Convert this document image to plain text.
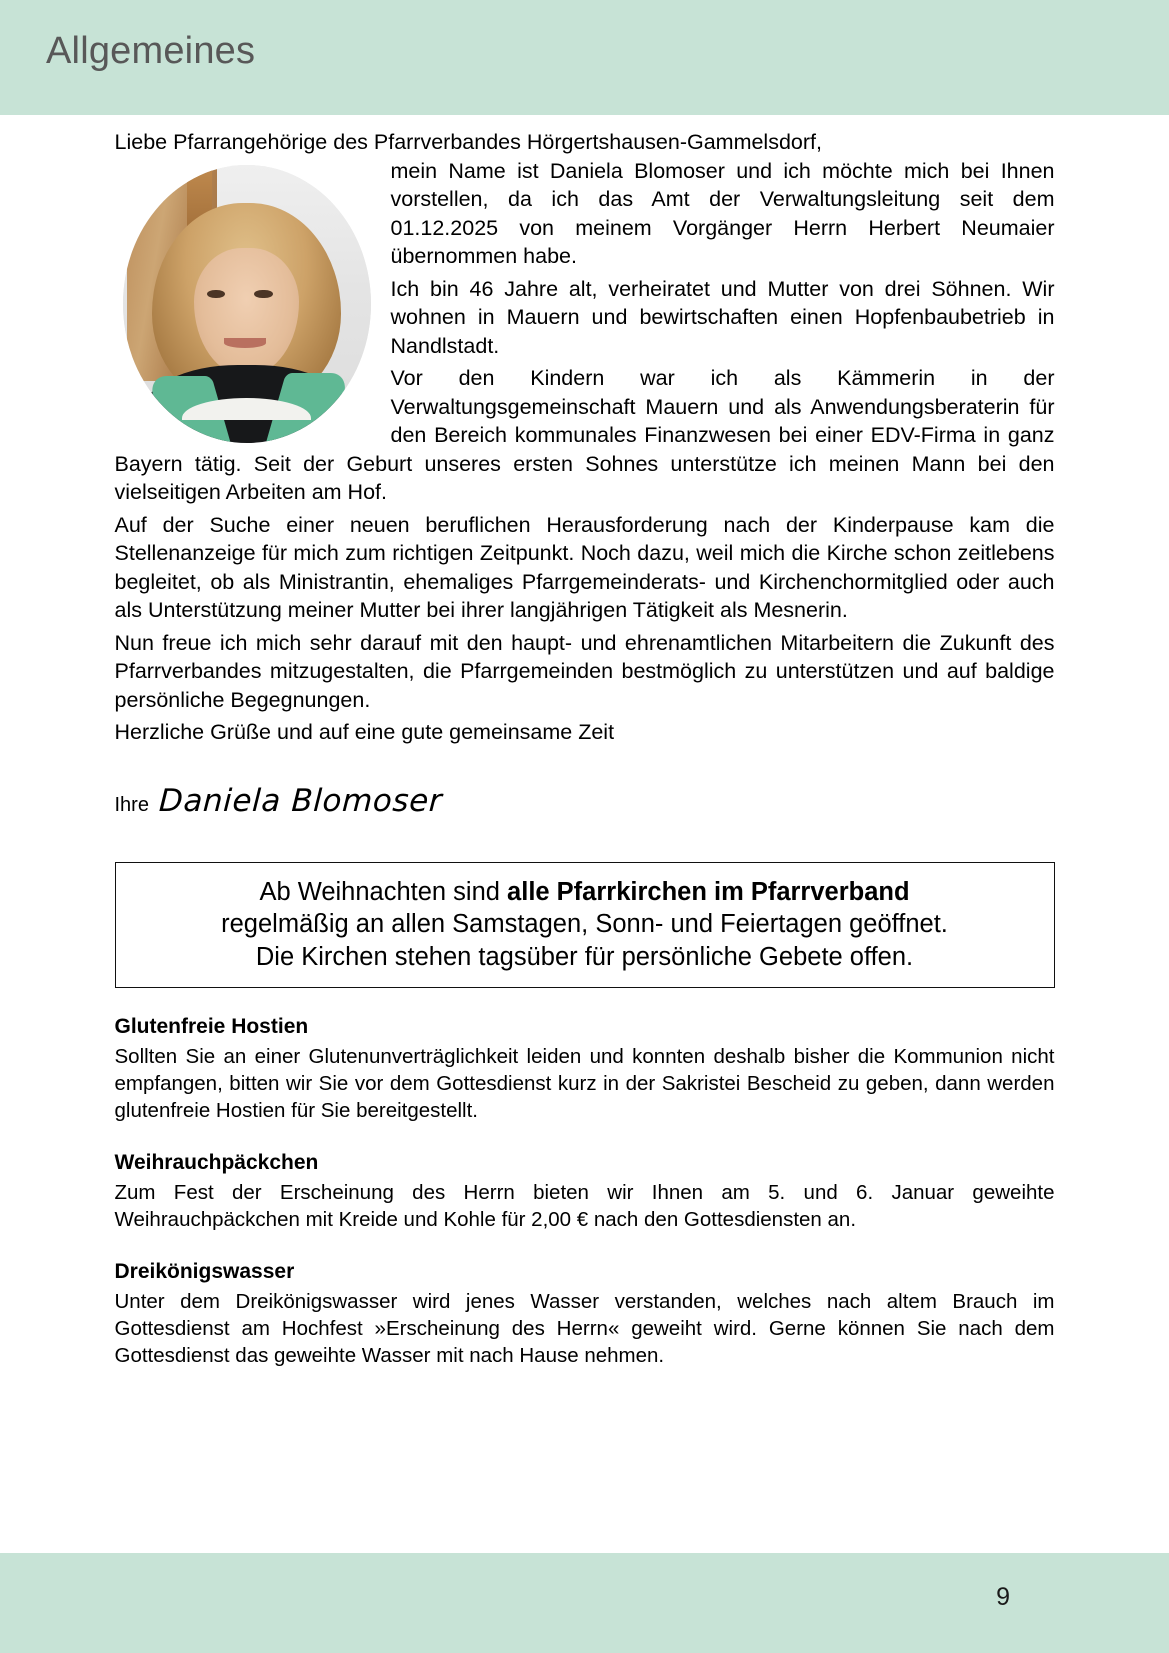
Allgemeines

Liebe Pfarrangehörige des Pfarrverbandes Hörgertshausen-Gammelsdorf,

mein Name ist Daniela Blomoser und ich möchte mich bei Ihnen vorstellen, da ich das Amt der Verwaltungsleitung seit dem 01.12.2025 von meinem Vorgänger Herrn Herbert Neumaier übernommen habe.

Ich bin 46 Jahre alt, verheiratet und Mutter von drei Söhnen. Wir wohnen in Mauern und bewirtschaften einen Hopfenbaubetrieb in Nandlstadt.

Vor den Kindern war ich als Kämmerin in der Verwaltungsgemeinschaft Mauern und als Anwendungsberaterin für den Bereich kommunales Finanzwesen bei einer EDV-Firma in ganz Bayern tätig. Seit der Geburt unseres ersten Sohnes unterstütze ich meinen Mann bei den vielseitigen Arbeiten am Hof.

Auf der Suche einer neuen beruflichen Herausforderung nach der Kinderpause kam die Stellenanzeige für mich zum richtigen Zeitpunkt. Noch dazu, weil mich die Kirche schon zeitlebens begleitet, ob als Ministrantin, ehemaliges Pfarrgemeinderats- und Kirchenchormitglied oder auch als Unterstützung meiner Mutter bei ihrer langjährigen Tätigkeit als Mesnerin.

Nun freue ich mich sehr darauf mit den haupt- und ehrenamtlichen Mitarbeitern die Zukunft des Pfarrverbandes mitzugestalten, die Pfarrgemeinden bestmöglich zu unterstützen und auf baldige persönliche Begegnungen.

Herzliche Grüße und auf eine gute gemeinsame Zeit

Ihre Daniela Blomoser

Ab Weihnachten sind alle Pfarrkirchen im Pfarrverband

regelmäßig an allen Samstagen, Sonn- und Feiertagen geöffnet.

Die Kirchen stehen tagsüber für persönliche Gebete offen.

Glutenfreie Hostien

Sollten Sie an einer Glutenunverträglichkeit leiden und konnten deshalb bisher die Kommunion nicht empfangen, bitten wir Sie vor dem Gottesdienst kurz in der Sakristei Bescheid zu geben, dann werden glutenfreie Hostien für Sie bereitgestellt.

Weihrauchpäckchen

Zum Fest der Erscheinung des Herrn bieten wir Ihnen am 5. und 6. Januar geweihte Weihrauchpäckchen mit Kreide und Kohle für 2,00 € nach den Gottesdiensten an.

Dreikönigswasser

Unter dem Dreikönigswasser wird jenes Wasser verstanden, welches nach altem Brauch im Gottesdienst am Hochfest »Erscheinung des Herrn« geweiht wird. Gerne können Sie nach dem Gottesdienst das geweihte Wasser mit nach Hause nehmen.

9
